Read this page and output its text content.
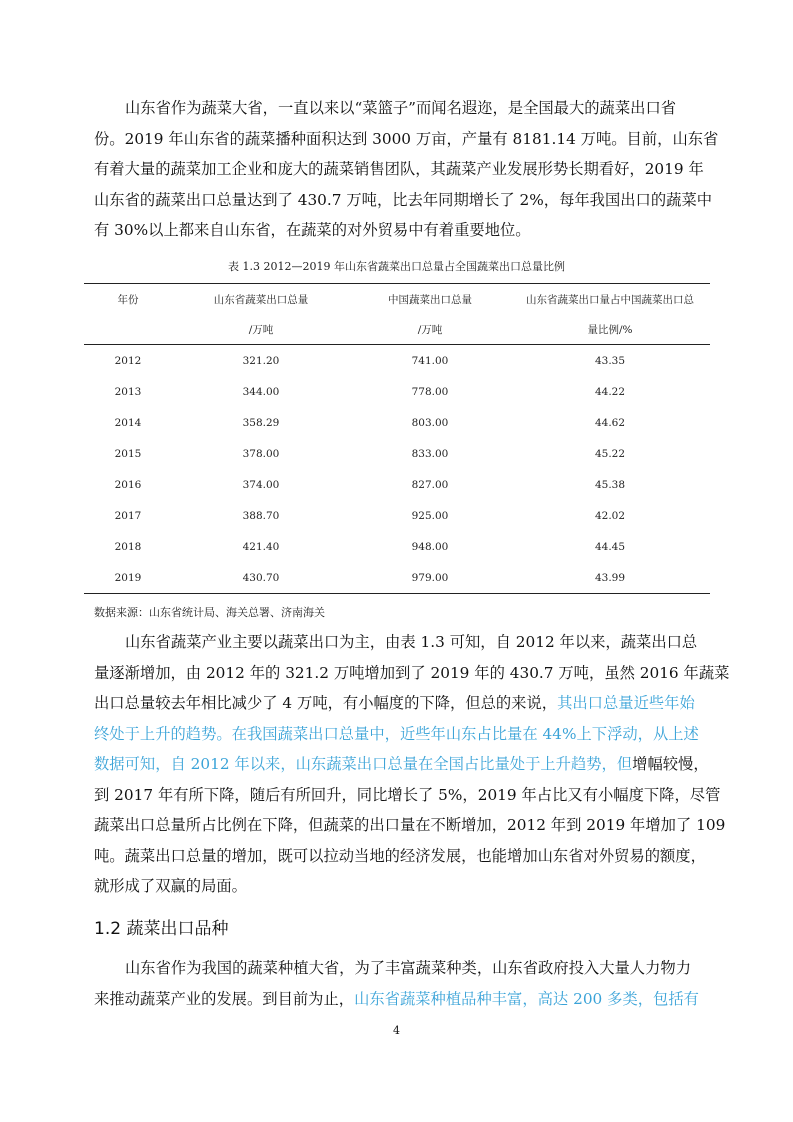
山东省作为蔬菜大省，一直以来以“菜篮子”而闻名遐迩，是全国最大的蔬菜出口省
份。2019 年山东省的蔬菜播种面积达到 3000 万亩，产量有 8181.14 万吨。目前，山东省
有着大量的蔬菜加工企业和庞大的蔬菜销售团队，其蔬菜产业发展形势长期看好，2019 年
山东省的蔬菜出口总量达到了 430.7 万吨，比去年同期增长了 2%，每年我国出口的蔬菜中
有 30%以上都来自山东省，在蔬菜的对外贸易中有着重要地位。
表 1.3 2012—2019 年山东省蔬菜出口总量占全国蔬菜出口总量比例
年份	山东省蔬菜出口总量	中国蔬菜出口总量	山东省蔬菜出口量占中国蔬菜出口总
	/万吨	/万吨	量比例/%
2012	321.20	741.00	43.35
2013	344.00	778.00	44.22
2014	358.29	803.00	44.62
2015	378.00	833.00	45.22
2016	374.00	827.00	45.38
2017	388.70	925.00	42.02
2018	421.40	948.00	44.45
2019	430.70	979.00	43.99
数据来源：山东省统计局、海关总署、济南海关
山东省蔬菜产业主要以蔬菜出口为主，由表 1.3 可知，自 2012 年以来，蔬菜出口总
量逐渐增加，由 2012 年的 321.2 万吨增加到了 2019 年的 430.7 万吨，虽然 2016 年蔬菜
出口总量较去年相比减少了 4 万吨，有小幅度的下降，但总的来说，其出口总量近些年始
终处于上升的趋势。在我国蔬菜出口总量中，近些年山东占比量在 44%上下浮动，从上述
数据可知，自 2012 年以来，山东蔬菜出口总量在全国占比量处于上升趋势，但增幅较慢，
到 2017 年有所下降，随后有所回升，同比增长了 5%，2019 年占比又有小幅度下降，尽管
蔬菜出口总量所占比例在下降，但蔬菜的出口量在不断增加，2012 年到 2019 年增加了 109
吨。蔬菜出口总量的增加，既可以拉动当地的经济发展，也能增加山东省对外贸易的额度，
就形成了双赢的局面。
1.2 蔬菜出口品种
山东省作为我国的蔬菜种植大省，为了丰富蔬菜种类，山东省政府投入大量人力物力
来推动蔬菜产业的发展。到目前为止，山东省蔬菜种植品种丰富，高达 200 多类，包括有
4
